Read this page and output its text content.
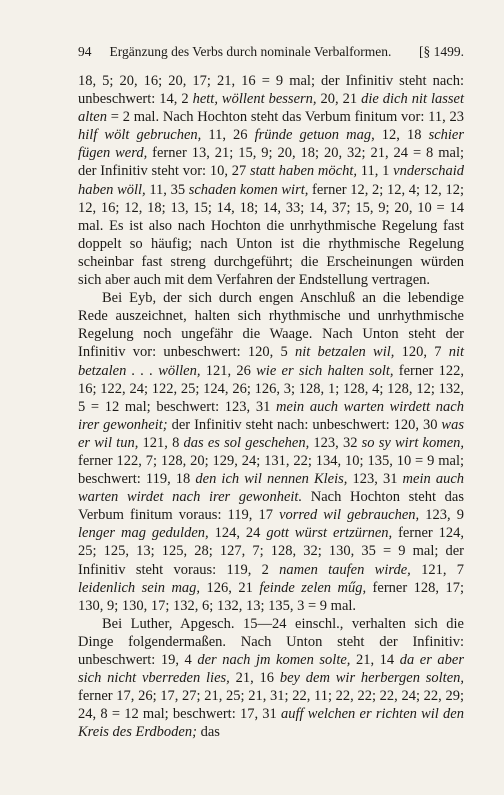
94 Ergänzung des Verbs durch nominale Verbalformen. [§ 1499.

18, 5; 20, 16; 20, 17; 21, 16 = 9 mal; der Infinitiv steht nach: unbeschwert: 14, 2 hett, wöllent bessern, 20, 21 die dich nit lasset alten = 2 mal. Nach Hochton steht das Verbum finitum vor: 11, 23 hilf wölt gebruchen, 11, 26 fründe getuon mag, 12, 18 schier fügen werd, ferner 13, 21; 15, 9; 20, 18; 20, 32; 21, 24 = 8 mal; der Infinitiv steht vor: 10, 27 statt haben möcht, 11, 1 vnderschaid haben wöll, 11, 35 schaden komen wirt, ferner 12, 2; 12, 4; 12, 12; 12, 16; 12, 18; 13, 15; 14, 18; 14, 33; 14, 37; 15, 9; 20, 10 = 14 mal. Es ist also nach Hochton die unrhythmische Regelung fast doppelt so häufig; nach Unton ist die rhythmische Regelung scheinbar fast streng durchgeführt; die Erscheinungen würden sich aber auch mit dem Verfahren der Endstellung vertragen.

Bei Eyb, der sich durch engen Anschluß an die lebendige Rede auszeichnet, halten sich rhythmische und unrhythmische Regelung noch ungefähr die Waage. Nach Unton steht der Infinitiv vor: unbeschwert: 120, 5 nit betzalen wil, 120, 7 nit betzalen . . . wöllen, 121, 26 wie er sich halten solt, ferner 122, 16; 122, 24; 122, 25; 124, 26; 126, 3; 128, 1; 128, 4; 128, 12; 132, 5 = 12 mal; beschwert: 123, 31 mein auch warten wirdett nach irer gewonheit; der Infinitiv steht nach: unbeschwert: 120, 30 was er wil tun, 121, 8 das es sol geschehen, 123, 32 so sy wirt komen, ferner 122, 7; 128, 20; 129, 24; 131, 22; 134, 10; 135, 10 = 9 mal; beschwert: 119, 18 den ich wil nennen Kleis, 123, 31 mein auch warten wirdet nach irer gewonheit. Nach Hochton steht das Verbum finitum voraus: 119, 17 vorred wil gebrauchen, 123, 9 lenger mag gedulden, 124, 24 gott würst ertzürnen, ferner 124, 25; 125, 13; 125, 28; 127, 7; 128, 32; 130, 35 = 9 mal; der Infinitiv steht voraus: 119, 2 namen taufen wirde, 121, 7 leidenlich sein mag, 126, 21 feinde zelen műg, ferner 128, 17; 130, 9; 130, 17; 132, 6; 132, 13; 135, 3 = 9 mal.

Bei Luther, Apgesch. 15—24 einschl., verhalten sich die Dinge folgendermaßen. Nach Unton steht der Infinitiv: unbeschwert: 19, 4 der nach jm komen solte, 21, 14 da er aber sich nicht vberreden lies, 21, 16 bey dem wir herbergen solten, ferner 17, 26; 17, 27; 21, 25; 21, 31; 22, 11; 22, 22; 22, 24; 22, 29; 24, 8 = 12 mal; beschwert: 17, 31 auff welchen er richten wil den Kreis des Erdboden; das
